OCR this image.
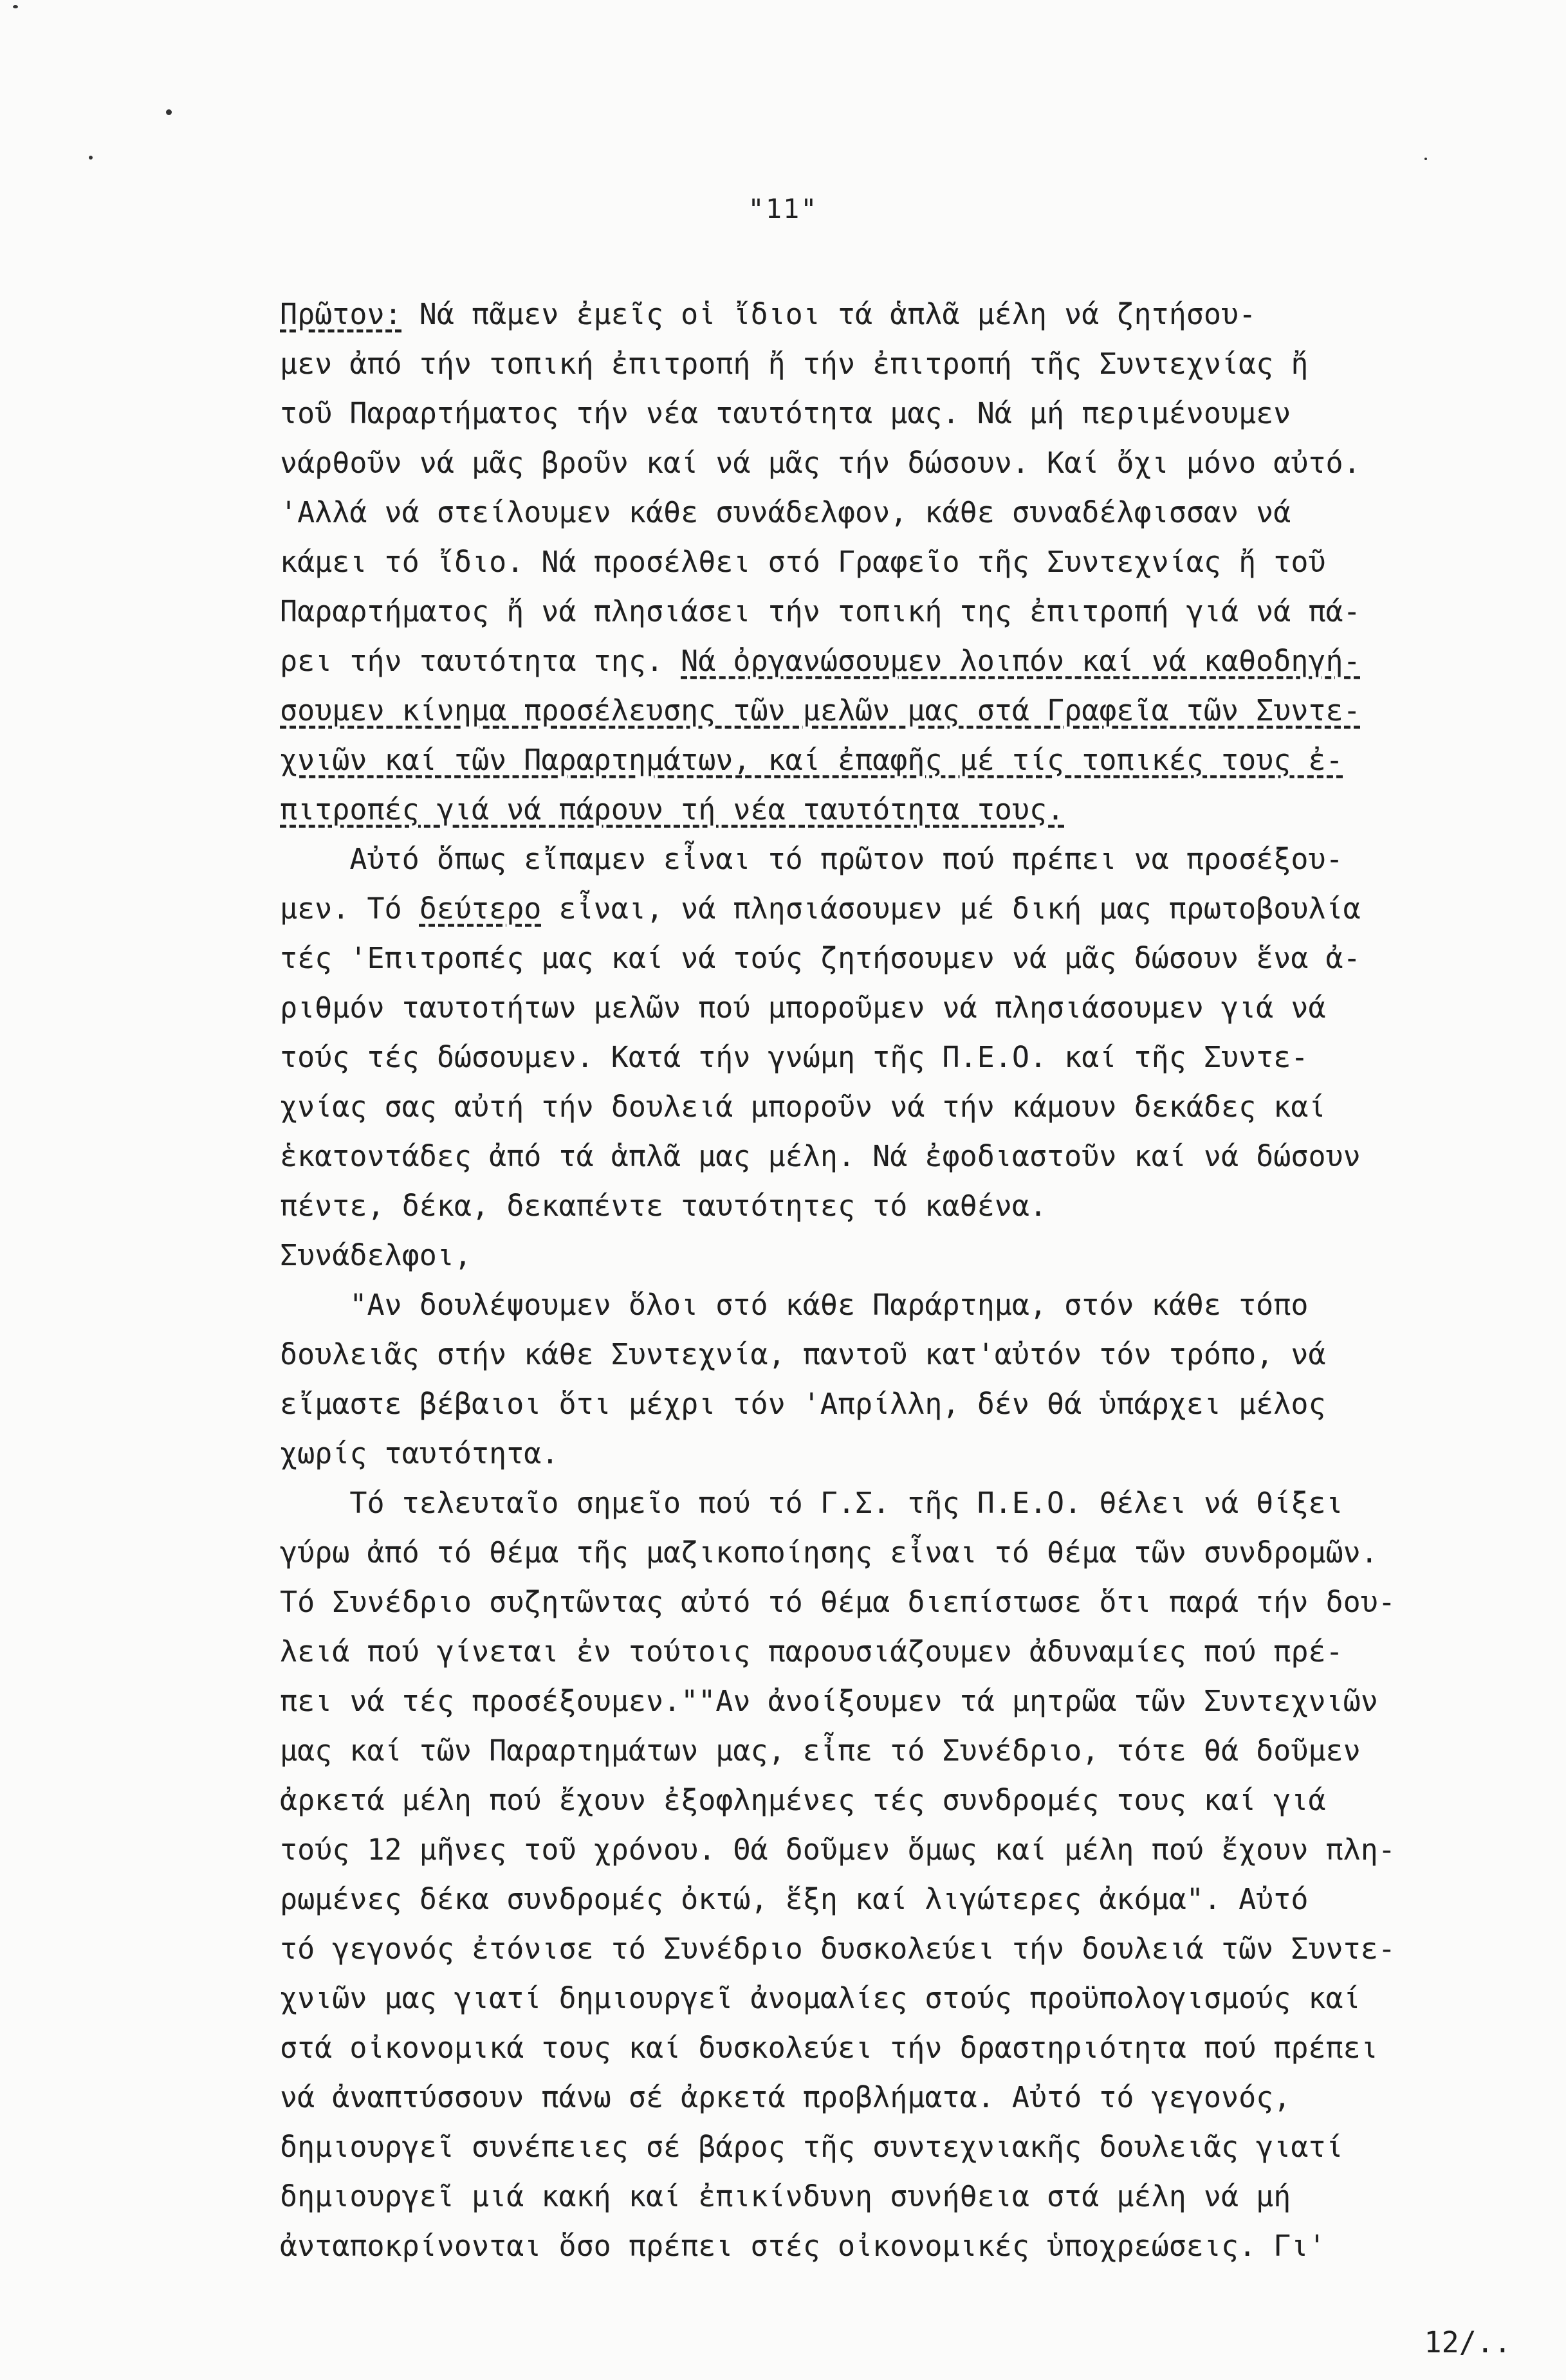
"11"
Πρῶτον: Νά πᾶμεν ἐμεῖς οἱ ἴδιοι τά ἁπλᾶ μέλη νά ζητήσου-
μεν ἀπό τήν τοπική ἐπιτροπή ἤ τήν ἐπιτροπή τῆς Συντεχνίας ἤ
τοῦ Παραρτήματος τήν νέα ταυτότητα μας. Νά μή περιμένουμεν
νάρθοῦν νά μᾶς βροῦν καί νά μᾶς τήν δώσουν. Καί ὄχι μόνο αὐτό.
'Αλλά νά στείλουμεν κάθε συνάδελφον, κάθε συναδέλφισσαν νά
κάμει τό ἴδιο. Νά προσέλθει στό Γραφεῖο τῆς Συντεχνίας ἤ τοῦ
Παραρτήματος ἤ νά πλησιάσει τήν τοπική της ἐπιτροπή γιά νά πά-
ρει τήν ταυτότητα της. Νά ὀργανώσουμεν λοιπόν καί νά καθοδηγή-
σουμεν κίνημα προσέλευσης τῶν μελῶν μας στά Γραφεῖα τῶν Συντε-
χνιῶν καί τῶν Παραρτημάτων, καί ἐπαφῆς μέ τίς τοπικές τους ἐ-
πιτροπές γιά νά πάρουν τή νέα ταυτότητα τους.
Αὐτό ὅπως εἴπαμεν εἶναι τό πρῶτον πού πρέπει να προσέξου-
μεν. Τό δεύτερο εἶναι, νά πλησιάσουμεν μέ δική μας πρωτοβουλία
τές 'Επιτροπές μας καί νά τούς ζητήσουμεν νά μᾶς δώσουν ἕνα ἀ-
ριθμόν ταυτοτήτων μελῶν πού μποροῦμεν νά πλησιάσουμεν γιά νά
τούς τές δώσουμεν. Κατά τήν γνώμη τῆς Π.Ε.Ο. καί τῆς Συντε-
χνίας σας αὐτή τήν δουλειά μποροῦν νά τήν κάμουν δεκάδες καί
ἑκατοντάδες ἀπό τά ἁπλᾶ μας μέλη. Νά ἐφοδιαστοῦν καί νά δώσουν
πέντε, δέκα, δεκαπέντε ταυτότητες τό καθένα.
Συνάδελφοι,
"Αν δουλέψουμεν ὅλοι στό κάθε Παράρτημα, στόν κάθε τόπο
δουλειᾶς στήν κάθε Συντεχνία, παντοῦ κατ'αὐτόν τόν τρόπο, νά
εἴμαστε βέβαιοι ὅτι μέχρι τόν 'Απρίλλη, δέν θά ὑπάρχει μέλος
χωρίς ταυτότητα.
Τό τελευταῖο σημεῖο πού τό Γ.Σ. τῆς Π.Ε.Ο. θέλει νά θίξει
γύρω ἀπό τό θέμα τῆς μαζικοποίησης εἶναι τό θέμα τῶν συνδρομῶν.
Τό Συνέδριο συζητῶντας αὐτό τό θέμα διεπίστωσε ὅτι παρά τήν δου-
λειά πού γίνεται ἐν τούτοις παρουσιάζουμεν ἀδυναμίες πού πρέ-
πει νά τές προσέξουμεν.""Αν ἀνοίξουμεν τά μητρῶα τῶν Συντεχνιῶν
μας καί τῶν Παραρτημάτων μας, εἶπε τό Συνέδριο, τότε θά δοῦμεν
ἀρκετά μέλη πού ἔχουν ἐξοφλημένες τές συνδρομές τους καί γιά
τούς 12 μῆνες τοῦ χρόνου. Θά δοῦμεν ὅμως καί μέλη πού ἔχουν πλη-
ρωμένες δέκα συνδρομές ὀκτώ, ἕξη καί λιγώτερες ἀκόμα". Αὐτό
τό γεγονός ἐτόνισε τό Συνέδριο δυσκολεύει τήν δουλειά τῶν Συντε-
χνιῶν μας γιατί δημιουργεῖ ἀνομαλίες στούς προϋπολογισμούς καί
στά οἰκονομικά τους καί δυσκολεύει τήν δραστηριότητα πού πρέπει
νά ἀναπτύσσουν πάνω σέ ἀρκετά προβλήματα. Αὐτό τό γεγονός,
δημιουργεῖ συνέπειες σέ βάρος τῆς συντεχνιακῆς δουλειᾶς γιατί
δημιουργεῖ μιά κακή καί ἐπικίνδυνη συνήθεια στά μέλη νά μή
ἀνταποκρίνονται ὅσο πρέπει στές οἰκονομικές ὑποχρεώσεις. Γι'
12/..
